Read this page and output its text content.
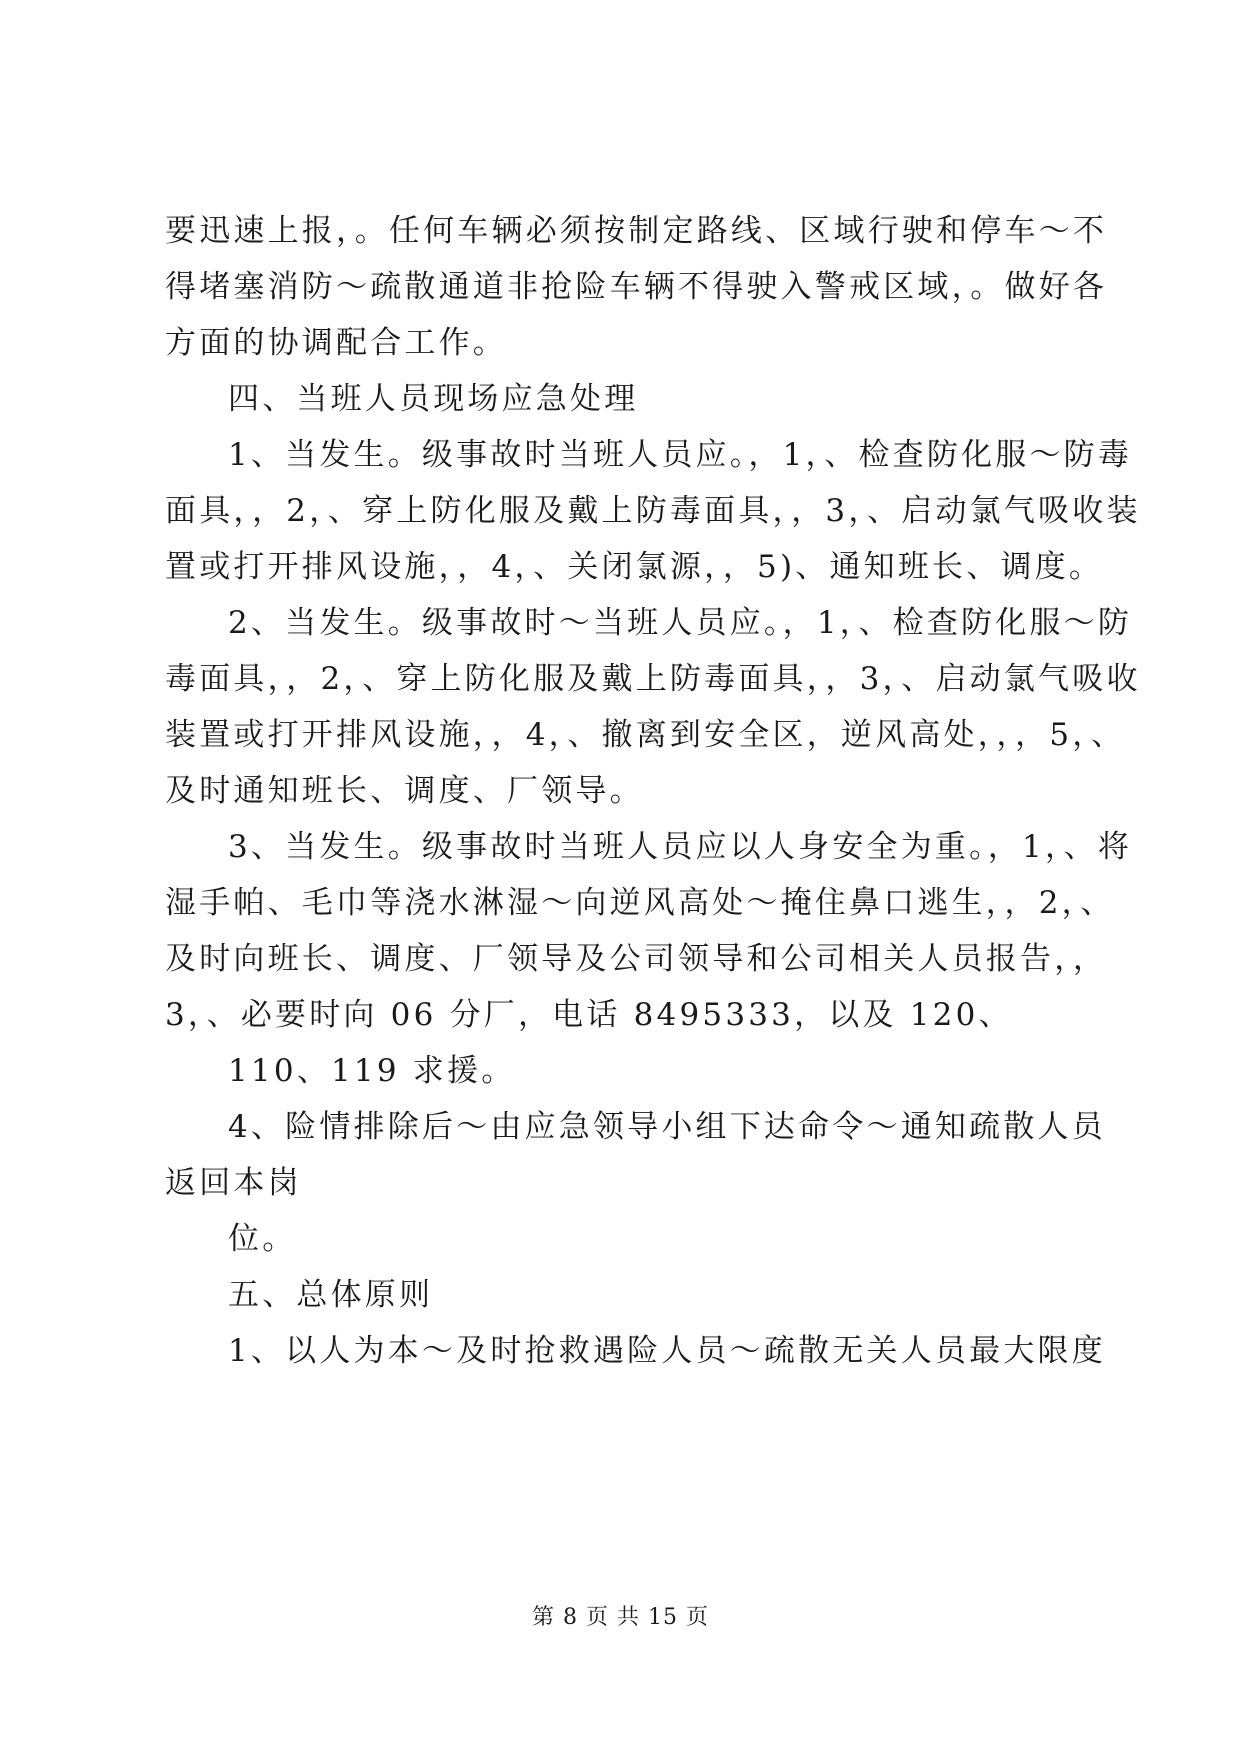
要迅速上报，。任何车辆必须按制定路线、区域行驶和停车～不
得堵塞消防～疏散通道非抢险车辆不得驶入警戒区域，。做好各
方面的协调配合工作。
四、当班人员现场应急处理
1、当发生。级事故时当班人员应。，1，、检查防化服～防毒
面具，，2，、穿上防化服及戴上防毒面具，，3，、启动氯气吸收装
置或打开排风设施，，4，、关闭氯源，，5)、通知班长、调度。
2、当发生。级事故时～当班人员应。，1，、检查防化服～防
毒面具，，2，、穿上防化服及戴上防毒面具，，3，、启动氯气吸收
装置或打开排风设施，，4，、撤离到安全区，逆风高处，，，5，、
及时通知班长、调度、厂领导。
3、当发生。级事故时当班人员应以人身安全为重。，1，、将
湿手帕、毛巾等浇水淋湿～向逆风高处～掩住鼻口逃生，，2，、
及时向班长、调度、厂领导及公司领导和公司相关人员报告，，
3，、必要时向 06 分厂，电话 8495333，以及 120、
110、119 求援。
4、险情排除后～由应急领导小组下达命令～通知疏散人员
返回本岗
位。
五、总体原则
1、以人为本～及时抢救遇险人员～疏散无关人员最大限度
第 8 页 共 15 页
